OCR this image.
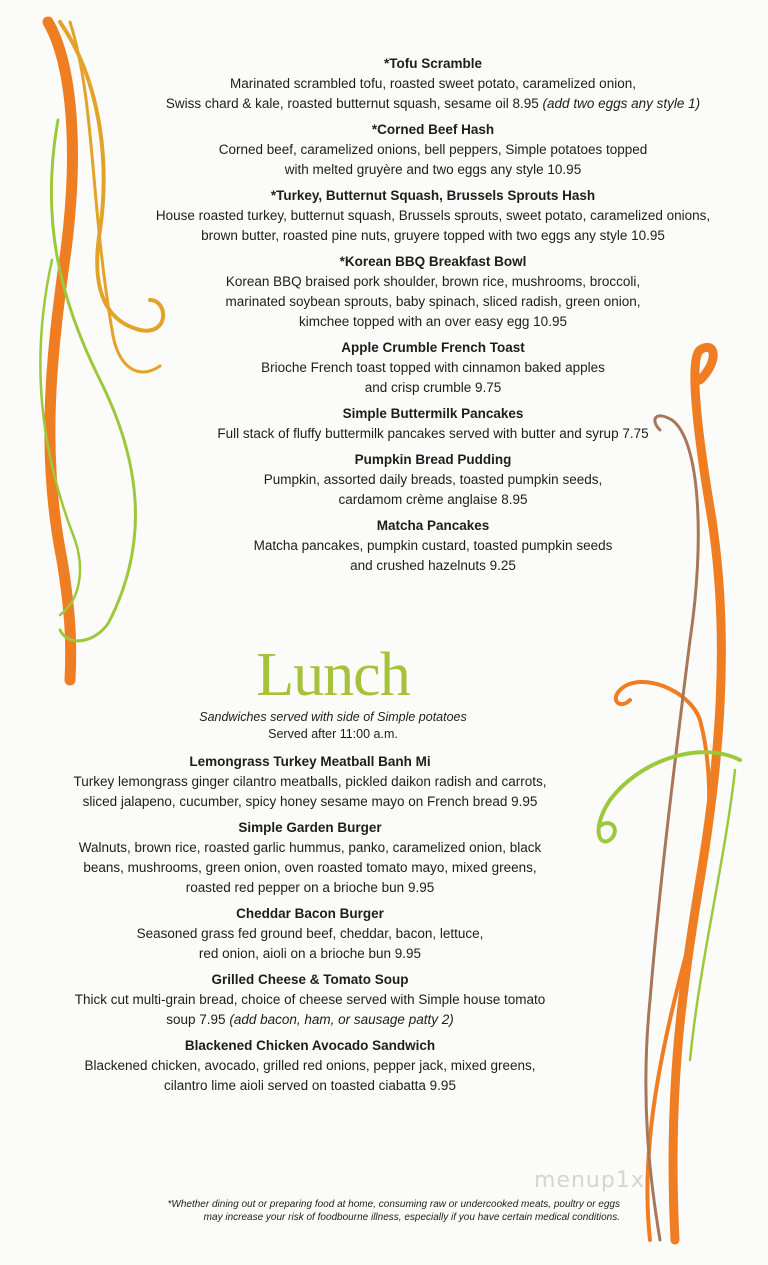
*Tofu Scramble

Marinated scrambled tofu, roasted sweet potato, caramelized onion,
Swiss chard & kale, roasted butternut squash, sesame oil 8.95 (add two eggs any style 1)

*Corned Beef Hash

Corned beef, caramelized onions, bell peppers, Simple potatoes topped
with melted gruyère and two eggs any style 10.95

*Turkey, Butternut Squash, Brussels Sprouts Hash

House roasted turkey, butternut squash, Brussels sprouts, sweet potato, caramelized onions,
brown butter, roasted pine nuts, gruyere topped with two eggs any style 10.95

*Korean BBQ Breakfast Bowl

Korean BBQ braised pork shoulder, brown rice, mushrooms, broccoli,
marinated soybean sprouts, baby spinach, sliced radish, green onion,
kimchee topped with an over easy egg 10.95

Apple Crumble French Toast

Brioche French toast topped with cinnamon baked apples
and crisp crumble 9.75

Simple Buttermilk Pancakes

Full stack of fluffy buttermilk pancakes served with butter and syrup 7.75

Pumpkin Bread Pudding

Pumpkin, assorted daily breads, toasted pumpkin seeds,
cardamom crème anglaise 8.95

Matcha Pancakes

Matcha pancakes, pumpkin custard, toasted pumpkin seeds
and crushed hazelnuts 9.25

Lunch
Sandwiches served with side of Simple potatoes
Served after 11:00 a.m.

Lemongrass Turkey Meatball Banh Mi

Turkey lemongrass ginger cilantro meatballs, pickled daikon radish and carrots,
sliced jalapeno, cucumber, spicy honey sesame mayo on French bread 9.95

Simple Garden Burger

Walnuts, brown rice, roasted garlic hummus, panko, caramelized onion, black
beans, mushrooms, green onion, oven roasted tomato mayo, mixed greens,
roasted red pepper on a brioche bun 9.95

Cheddar Bacon Burger

Seasoned grass fed ground beef, cheddar, bacon, lettuce,
red onion, aioli on a brioche bun 9.95

Grilled Cheese & Tomato Soup

Thick cut multi-grain bread, choice of cheese served with Simple house tomato
soup 7.95 (add bacon, ham, or sausage patty 2)

Blackened Chicken Avocado Sandwich

Blackened chicken, avocado, grilled red onions, pepper jack, mixed greens,
cilantro lime aioli served on toasted ciabatta 9.95

menup1x
*Whether dining out or preparing food at home, consuming raw or undercooked meats, poultry or eggs
may increase your risk of foodbourne illness, especially if you have certain medical conditions.
